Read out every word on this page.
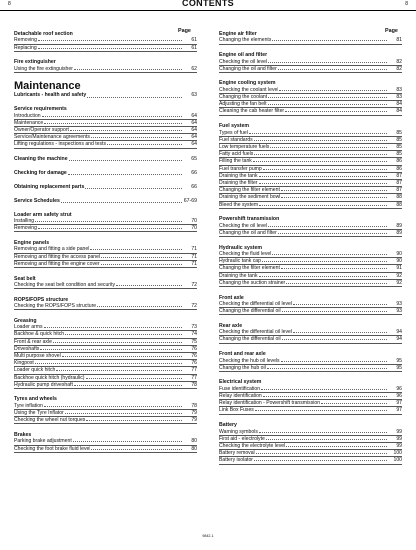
8	CONTENTS	8
Page	Page
Detachable roof section
Removing	61
Replacing	61
Fire extinguisher
Using the fire extinguisher	62
Maintenance
Lubricants - health and safety	63
Service requirements
Introduction	64
Maintenance	64
Owner/Operator support	64
Service/Maintenance agreements	64
Lifting regulations - inspections and tests	64
Cleaning the machine	65
Checking for damage	66
Obtaining replacement parts	66
Service Schedules	67-69
Loader arm safety strut
Installing	70
Removing	70
Engine panels
Removing and fitting a side panel	71
Removing and fitting the access panel	71
Removing and fitting the engine cover	71
Seat belt
Checking the seat belt condition and security	72
ROPS/FOPS structure
Checking the ROPS/FOPS structure	72
Greasing
Loader arms	73
Backhoe & quick hitch	74
Front & rear axle	75
Driveshafts	76
Multi purpose shovel	76
Kingpost	76
Loader quick hitch	77
Backhoe quick hitch (hydraulic)	77
Hydraulic pump driveshaft	78
Tyres and wheels
Tyre inflation	78
Using the Tyre Inflator	79
Checking the wheel nut torques	79
Brakes
Parking brake adjustment	80
Checking the foot brake fluid level	80
Engine air filter
Changing the elements	81
Engine oil and filter
Checking the oil level	82
Changing the oil and filter	82
Engine cooling system
Checking the coolant level	83
Changing the coolant	83
Adjusting the fan belt	84
Cleaning the cab heater filter	84
Fuel system
Types of fuel	85
Fuel standards	85
Low temperature fuels	85
Fatty acid fuels	85
Filling the tank	86
Fuel transfer pump	86
Draining the tank	87
Draining the filter	87
Changing the filter element	87
Draining the sediment bowl	88
Bleed the system	88
Powershift transmission
Checking the oil level	89
Changing the oil and filter	89
Hydraulic system
Checking the fluid level	90
Hydraulic tank cap	90
Changing the filter element	91
Draining the tank	92
Changing the suction strainer	92
Front axle
Checking the differential oil level	93
Changing the differential oil	93
Rear axle
Checking the differential oil level	94
Changing the differential oil	94
Front and rear axle
Checking the hub oil levels	95
Changing the hub oil	95
Electrical system
Fuse identification	96
Relay identification	96
Relay identification - Powershift transmission	97
Link Box Fuses	97
Battery
Warning symbols	99
First aid - electrolyte	99
Checking the electrolyte level	99
Battery removal	100
Battery isolator	100
9842-1
